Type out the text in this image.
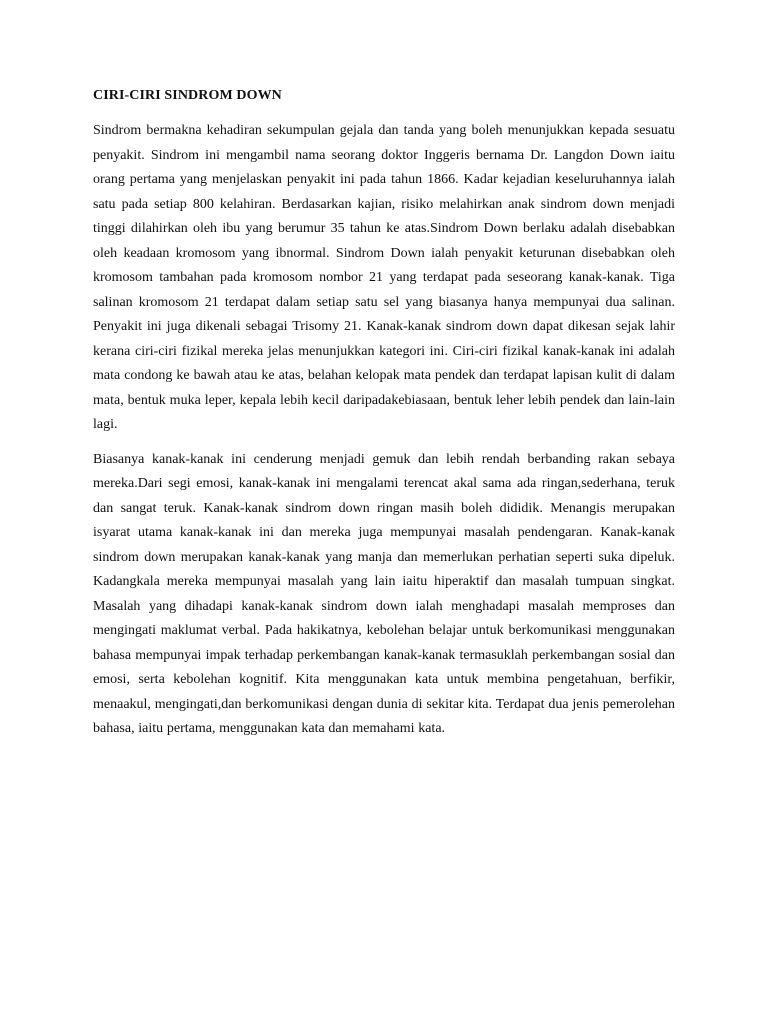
CIRI-CIRI SINDROM DOWN

Sindrom bermakna kehadiran sekumpulan gejala dan tanda yang boleh menunjukkan kepada sesuatu penyakit. Sindrom ini mengambil nama seorang doktor Inggeris bernama Dr. Langdon Down iaitu orang pertama yang menjelaskan penyakit ini pada tahun 1866. Kadar kejadian keseluruhannya ialah satu pada setiap 800 kelahiran. Berdasarkan kajian, risiko melahirkan anak sindrom down menjadi tinggi dilahirkan oleh ibu yang berumur 35 tahun ke atas.Sindrom Down berlaku adalah disebabkan oleh keadaan kromosom yang ibnormal. Sindrom Down ialah penyakit keturunan disebabkan oleh kromosom tambahan pada kromosom nombor 21 yang terdapat pada seseorang kanak-kanak. Tiga salinan kromosom 21 terdapat dalam setiap satu sel yang biasanya hanya mempunyai dua salinan. Penyakit ini juga dikenali sebagai Trisomy 21. Kanak-kanak sindrom down dapat dikesan sejak lahir kerana ciri-ciri fizikal mereka jelas menunjukkan kategori ini. Ciri-ciri fizikal kanak-kanak ini adalah mata condong ke bawah atau ke atas, belahan kelopak mata pendek dan terdapat lapisan kulit di dalam mata, bentuk muka leper, kepala lebih kecil daripadakebiasaan, bentuk leher lebih pendek dan lain-lain lagi.

Biasanya kanak-kanak ini cenderung menjadi gemuk dan lebih rendah berbanding rakan sebaya mereka.Dari segi emosi, kanak-kanak ini mengalami terencat akal sama ada ringan,sederhana, teruk dan sangat teruk. Kanak-kanak sindrom down ringan masih boleh dididik. Menangis merupakan isyarat utama kanak-kanak ini dan mereka juga mempunyai masalah pendengaran. Kanak-kanak sindrom down merupakan kanak-kanak yang manja dan memerlukan perhatian seperti suka dipeluk. Kadangkala mereka mempunyai masalah yang lain iaitu hiperaktif dan masalah tumpuan singkat. Masalah yang dihadapi kanak-kanak sindrom down ialah menghadapi masalah memproses dan mengingati maklumat verbal. Pada hakikatnya, kebolehan belajar untuk berkomunikasi menggunakan bahasa mempunyai impak terhadap perkembangan kanak-kanak termasuklah perkembangan sosial dan emosi, serta kebolehan kognitif. Kita menggunakan kata untuk membina pengetahuan, berfikir, menaakul, mengingati,dan berkomunikasi dengan dunia di sekitar kita. Terdapat dua jenis pemerolehan bahasa, iaitu pertama, menggunakan kata dan memahami kata.
